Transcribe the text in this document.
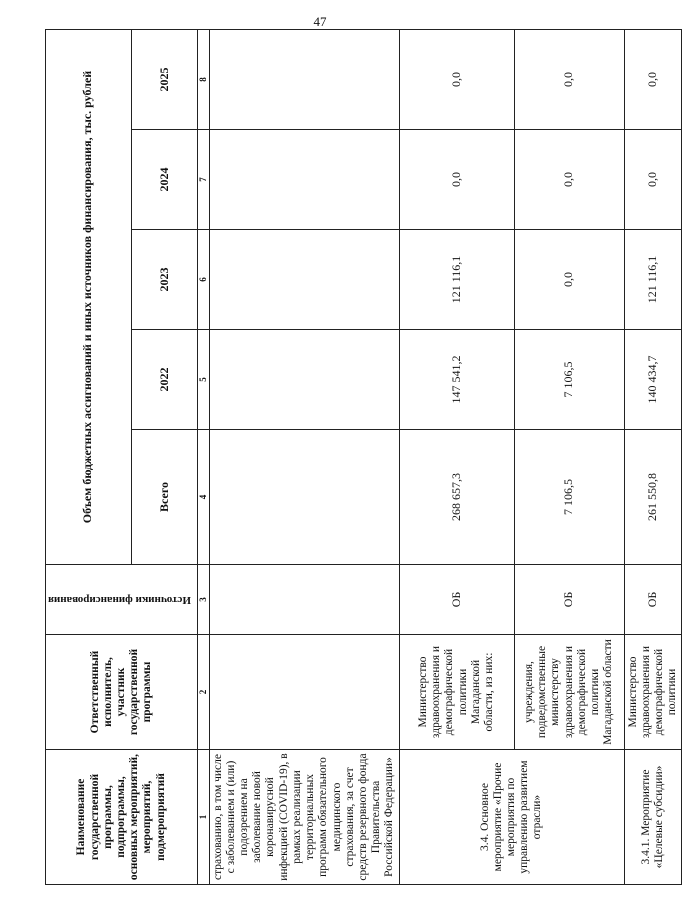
47
Наименование государственной программы, подпрограммы, основных мероприятий, мероприятий, подмероприятий	Ответственный исполнитель, участник государственной программы	Источники финансирования	Объем бюджетных ассигнований и иных источников финансирования, тыс. рублей				
			Всего	2022	2023	2024	2025
1	2	3	4	5	6	7	8
страхованию, в том числе с заболеванием и (или) подозрением на заболевание новой коронавирусной инфекцией (COVID-19), в рамках реализации территориальных программ обязательного медицинского страхования, за счет средств резервного фонда Правительства Российской Федерации»							
3.4. Основное мероприятие «Прочие мероприятия по управлению развитием отрасли»	Министерство здравоохранения и демографической политики Магаданской области, из них:	ОБ	268 657,3	147 541,2	121 116,1	0,0	0,0
	учреждения, подведомственные министерству здравоохранения и демографической политики Магаданской области	ОБ	7 106,5	7 106,5	0,0	0,0	0,0
3.4.1. Мероприятие «Целевые субсидии»	Министерство здравоохранения и демографической политики	ОБ	261 550,8	140 434,7	121 116,1	0,0	0,0
